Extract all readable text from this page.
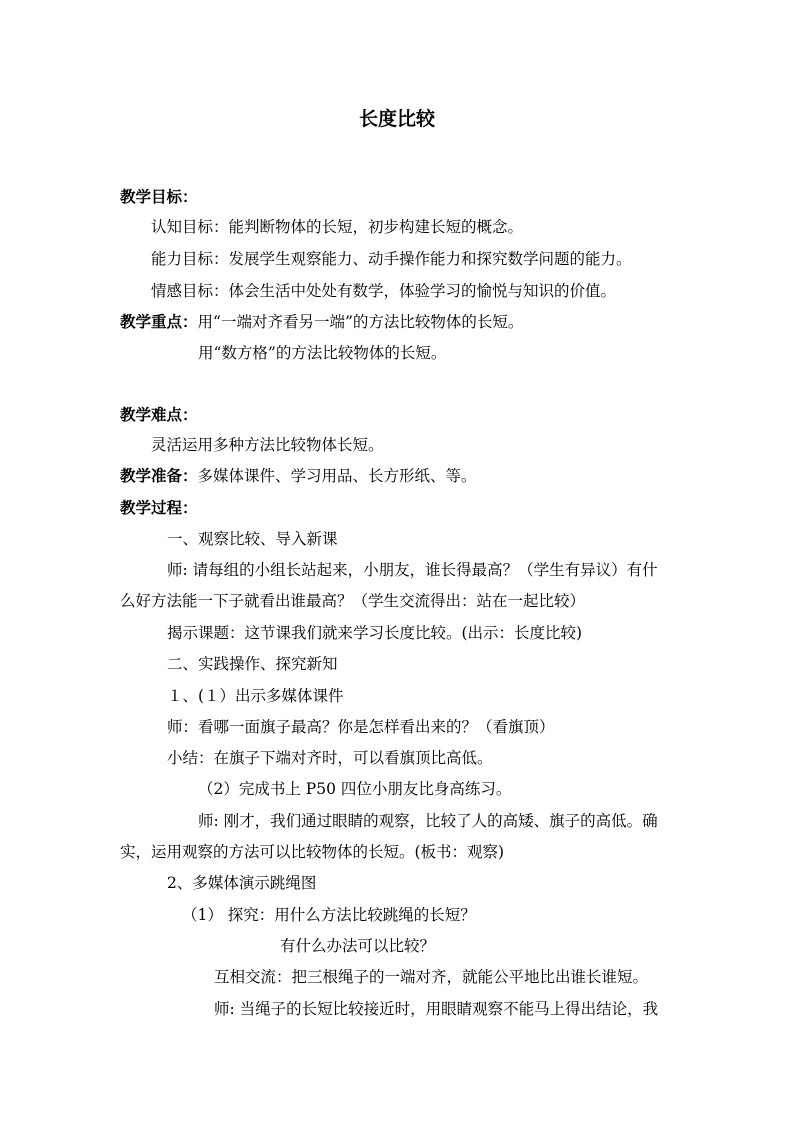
长度比较
教学目标：
认知目标：能判断物体的长短，初步构建长短的概念。
能力目标：发展学生观察能力、动手操作能力和探究数学问题的能力。
情感目标：体会生活中处处有数学，体验学习的愉悦与知识的价值。
教学重点：用“一端对齐看另一端”的方法比较物体的长短。
用“数方格”的方法比较物体的长短。
教学难点：
灵活运用多种方法比较物体长短。
教学准备：多媒体课件、学习用品、长方形纸、等。
教学过程：
一、观察比较、导入新课
师: 请每组的小组长站起来，小朋友，谁长得最高？（学生有异议）有什
么好方法能一下子就看出谁最高？（学生交流得出：站在一起比较）
揭示课题：这节课我们就来学习长度比较。(出示：长度比较)
二、实践操作、探究新知
１、(１）出示多媒体课件
师：看哪一面旗子最高？你是怎样看出来的？（看旗顶）
小结：在旗子下端对齐时，可以看旗顶比高低。
（2）完成书上 P50 四位小朋友比身高练习。
师: 刚才，我们通过眼睛的观察，比较了人的高矮、旗子的高低。确
实，运用观察的方法可以比较物体的长短。(板书：观察)
2、多媒体演示跳绳图
（1） 探究：用什么方法比较跳绳的长短？
有什么办法可以比较？
互相交流：把三根绳子的一端对齐，就能公平地比出谁长谁短。
师: 当绳子的长短比较接近时，用眼睛观察不能马上得出结论，我
